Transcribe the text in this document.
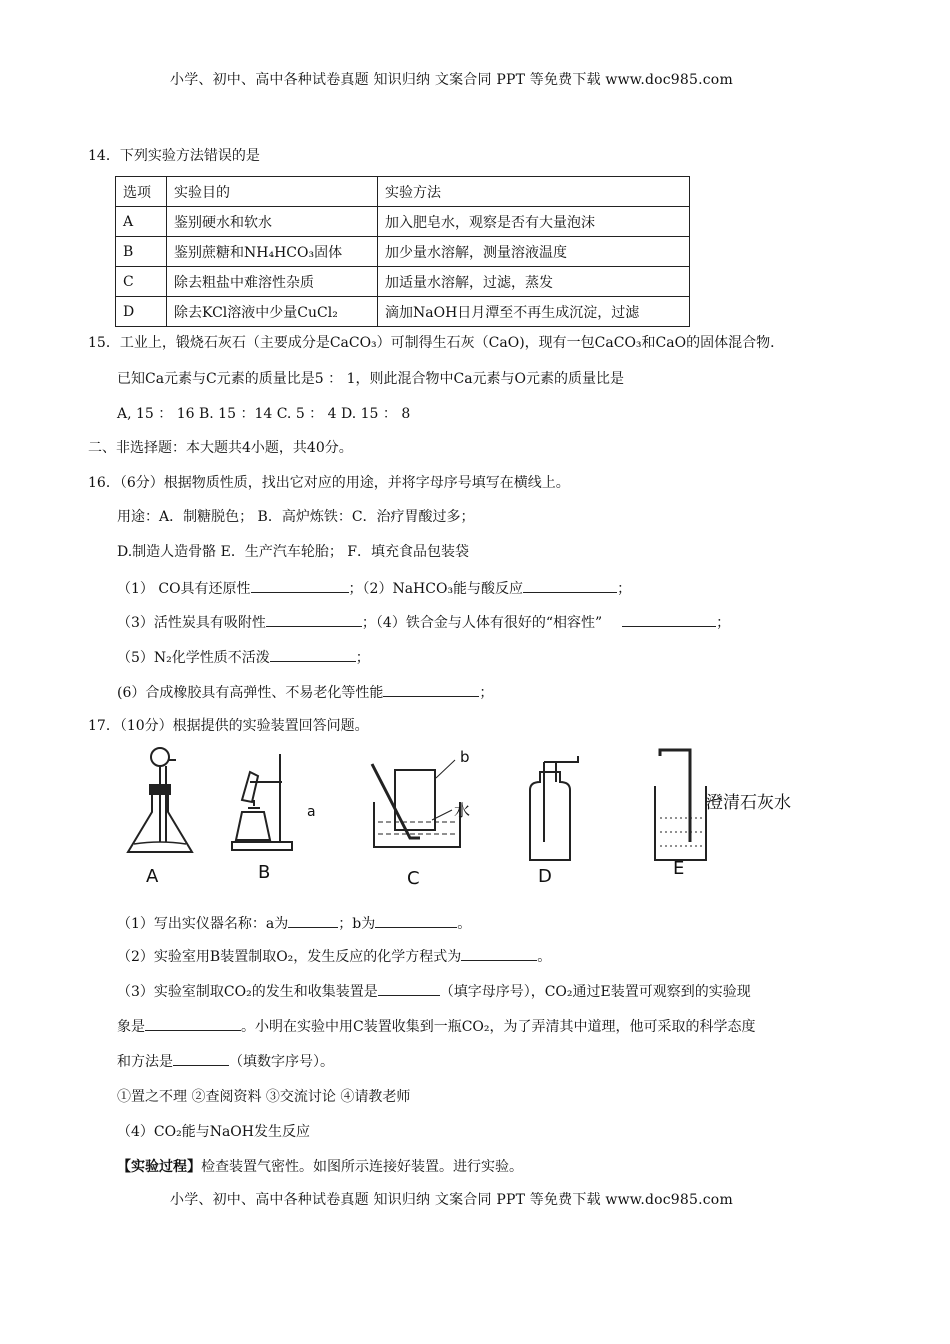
小学、初中、高中各种试卷真题 知识归纳 文案合同 PPT 等免费下载 www.doc985.com
14．下列实验方法错误的是
选项	实验目的	实验方法
A	鉴别硬水和软水	加入肥皂水，观察是否有大量泡沫
B	鉴别蔗糖和NH₄HCO₃固体	加少量水溶解，测量溶液温度
C	除去粗盐中难溶性杂质	加适量水溶解，过滤，蒸发
D	除去KCl溶液中少量CuCl₂	滴加NaOH日月潭至不再生成沉淀，过滤
15．工业上，锻烧石灰石（主要成分是CaCO₃）可制得生石灰（CaO)，现有一包CaCO₃和CaO的固体混合物．
已知Ca元素与C元素的质量比是5 ： 1，则此混合物中Ca元素与O元素的质量比是
A, 15 ： 16 B. 15 ：14 C. 5 ： 4 D. 15 ： 8
二、非选择题：本大题共4小题，共40分。
16．（6分）根据物质性质，找出它对应的用途，并将字母序号填写在横线上。
用途：A．制糖脱色； B．高炉炼铁：C．治疗胃酸过多；
D.制造人造骨骼 E．生产汽车轮胎； F．填充食品包装袋
（1） CO具有还原性	；（2）NaHCO₃能与酸反应	；
（3）活性炭具有吸附性	；（4）铁合金与人体有很好的“相容性”	；
（5）N₂化学性质不活泼	；
(6）合成橡胶具有高弹性、不易老化等性能	；
17．（10分）根据提供的实验装置回答问题。
A	B	C	D	E
a
b
水	澄清石灰水
（1）写出实仪器名称：a为	；b为	。
（2）实验室用B装置制取O₂，发生反应的化学方程式为	。
（3）实验室制取CO₂的发生和收集装置是	（填字母序号），CO₂通过E装置可观察到的实验现
象是	。小明在实验中用C装置收集到一瓶CO₂，为了弄清其中道理，他可采取的科学态度
和方法是	（填数字序号）。
①置之不理 ②查阅资料 ③交流讨论 ④请教老师
（4）CO₂能与NaOH发生反应
【实验过程】检查装置气密性。如图所示连接好装置。进行实验。
小学、初中、高中各种试卷真题 知识归纳 文案合同 PPT 等免费下载 www.doc985.com
